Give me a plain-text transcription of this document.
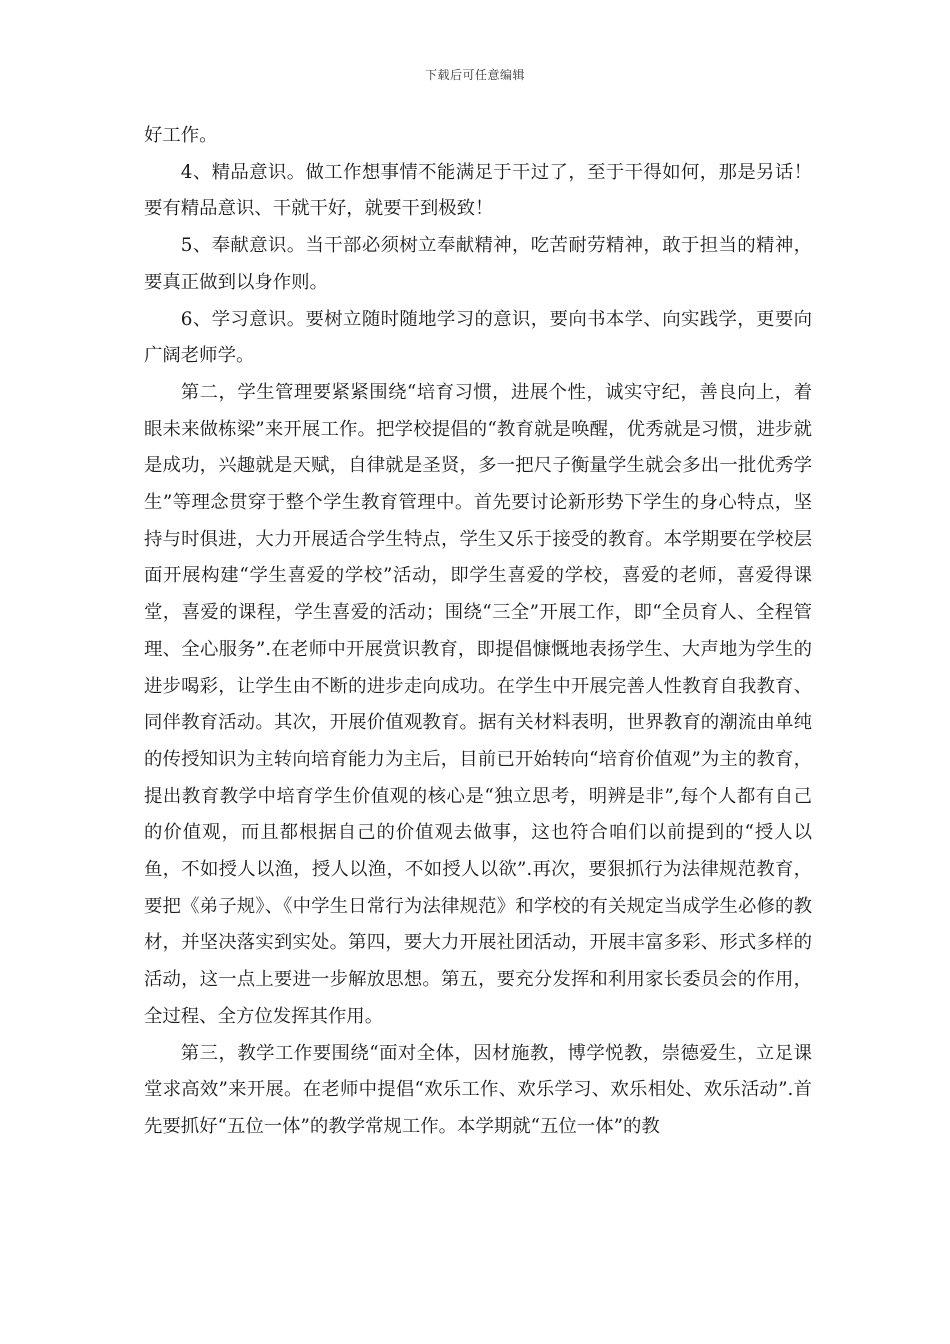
下载后可任意编辑

好工作。

4、精品意识。做工作想事情不能满足于干过了，至于干得如何，那是另话！要有精品意识、干就干好，就要干到极致！

5、奉献意识。当干部必须树立奉献精神，吃苦耐劳精神，敢于担当的精神，要真正做到以身作则。

6、学习意识。要树立随时随地学习的意识，要向书本学、向实践学，更要向广阔老师学。

第二，学生管理要紧紧围绕“培育习惯，进展个性，诚实守纪，善良向上，着眼未来做栋梁”来开展工作。把学校提倡的“教育就是唤醒，优秀就是习惯，进步就是成功，兴趣就是天赋，自律就是圣贤，多一把尺子衡量学生就会多出一批优秀学生”等理念贯穿于整个学生教育管理中。首先要讨论新形势下学生的身心特点，坚持与时俱进，大力开展适合学生特点，学生又乐于接受的教育。本学期要在学校层面开展构建“学生喜爱的学校”活动，即学生喜爱的学校，喜爱的老师，喜爱得课堂，喜爱的课程，学生喜爱的活动；围绕“三全”开展工作，即“全员育人、全程管理、全心服务”.在老师中开展赏识教育，即提倡慷慨地表扬学生、大声地为学生的进步喝彩，让学生由不断的进步走向成功。在学生中开展完善人性教育自我教育、同伴教育活动。其次，开展价值观教育。据有关材料表明，世界教育的潮流由单纯的传授知识为主转向培育能力为主后，目前已开始转向“培育价值观”为主的教育，提出教育教学中培育学生价值观的核心是“独立思考，明辨是非”,每个人都有自己的价值观，而且都根据自己的价值观去做事，这也符合咱们以前提到的“授人以鱼，不如授人以渔，授人以渔，不如授人以欲”.再次，要狠抓行为法律规范教育，要把《弟子规》、《中学生日常行为法律规范》和学校的有关规定当成学生必修的教材，并坚决落实到实处。第四，要大力开展社团活动，开展丰富多彩、形式多样的活动，这一点上要进一步解放思想。第五，要充分发挥和利用家长委员会的作用，全过程、全方位发挥其作用。

第三，教学工作要围绕“面对全体，因材施教，博学悦教，崇德爱生，立足课堂求高效”来开展。在老师中提倡“欢乐工作、欢乐学习、欢乐相处、欢乐活动”.首先要抓好“五位一体”的教学常规工作。本学期就“五位一体”的教
